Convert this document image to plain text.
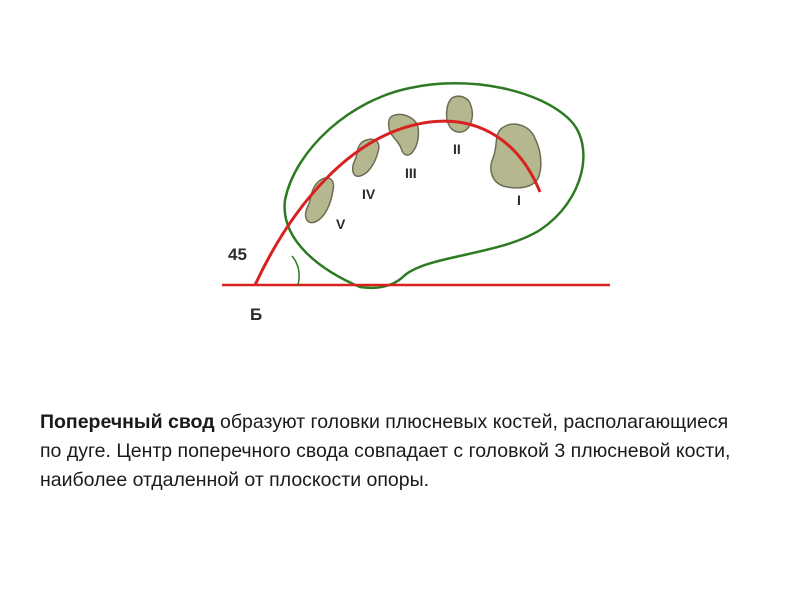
45
Б
V
IV
III
II
I
Поперечный свод образуют головки плюсневых костей, располагающиеся по дуге. Центр поперечного свода совпадает с головкой 3 плюсневой кости, наиболее отдаленной от плоскости опоры.
